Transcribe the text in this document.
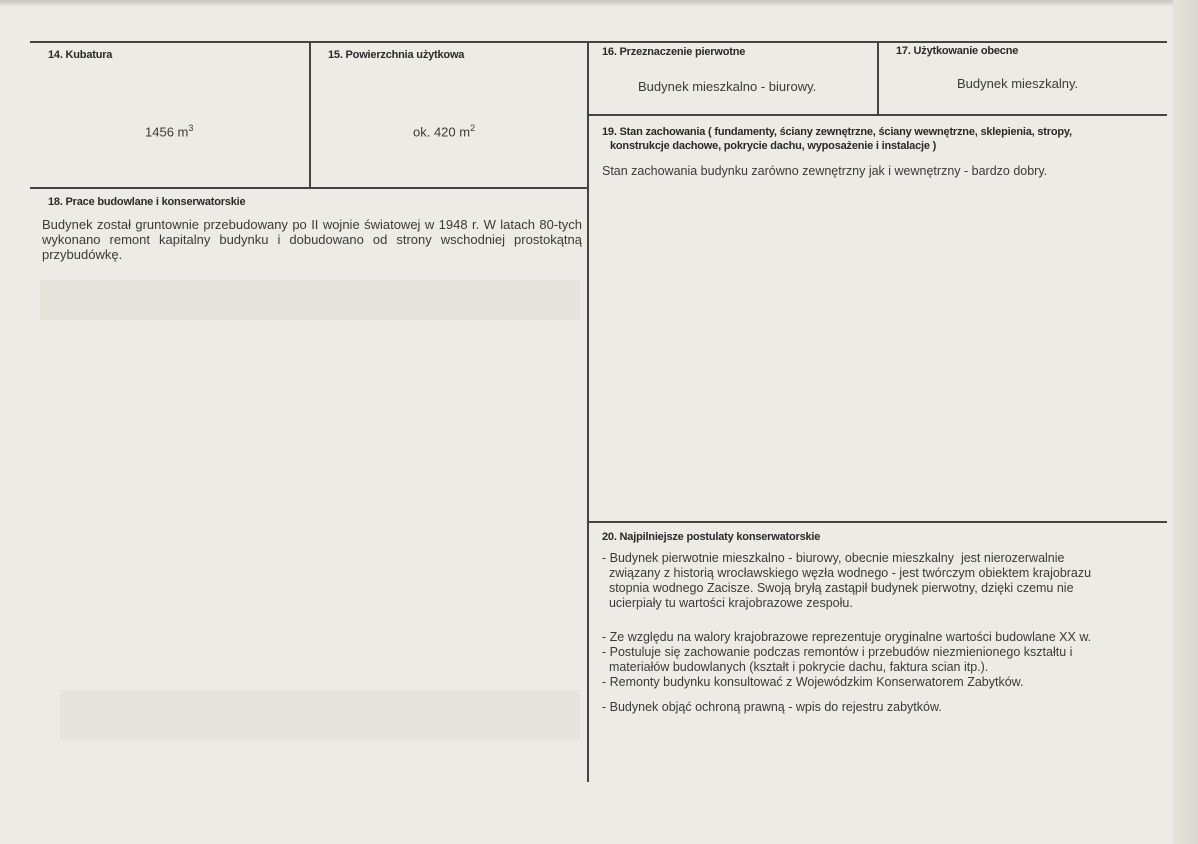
14. Kubatura
1456 $m^3$
15. Powierzchnia użytkowa
ok. 420 $m^2$
16. Przeznaczenie pierwotne
Budynek mieszkalno - biurowy.
17. Użytkowanie obecne
Budynek mieszkalny.
18. Prace budowlane i konserwatorskie
Budynek został gruntownie przebudowany po II wojnie światowej w 1948 r. W latach 80-tych wykonano remont kapitalny budynku i dobudowano od strony wschodniej prostokątną przybudówkę.
19. Stan zachowania ( fundamenty, ściany zewnętrzne, ściany wewnętrzne, sklepienia, stropy,
konstrukcje dachowe, pokrycie dachu, wyposażenie i instalacje )
Stan zachowania budynku zarówno zewnętrzny jak i wewnętrzny - bardzo dobry.
20. Najpilniejsze postulaty konserwatorskie
- Budynek pierwotnie mieszkalno - biurowy, obecnie mieszkalny  jest nierozerwalnie
związany z historią wrocławskiego węzła wodnego - jest twórczym obiektem krajobrazu
stopnia wodnego Zacisze. Swoją bryłą zastąpił budynek pierwotny, dzięki czemu nie
ucierpiały tu wartości krajobrazowe zespołu.
- Ze względu na walory krajobrazowe reprezentuje oryginalne wartości budowlane XX w.
- Postuluje się zachowanie podczas remontów i przebudów niezmienionego kształtu i
materiałów budowlanych (kształt i pokrycie dachu, faktura scian itp.).
- Remonty budynku konsultować z Wojewódzkim Konserwatorem Zabytków.
- Budynek objąć ochroną prawną - wpis do rejestru zabytków.
